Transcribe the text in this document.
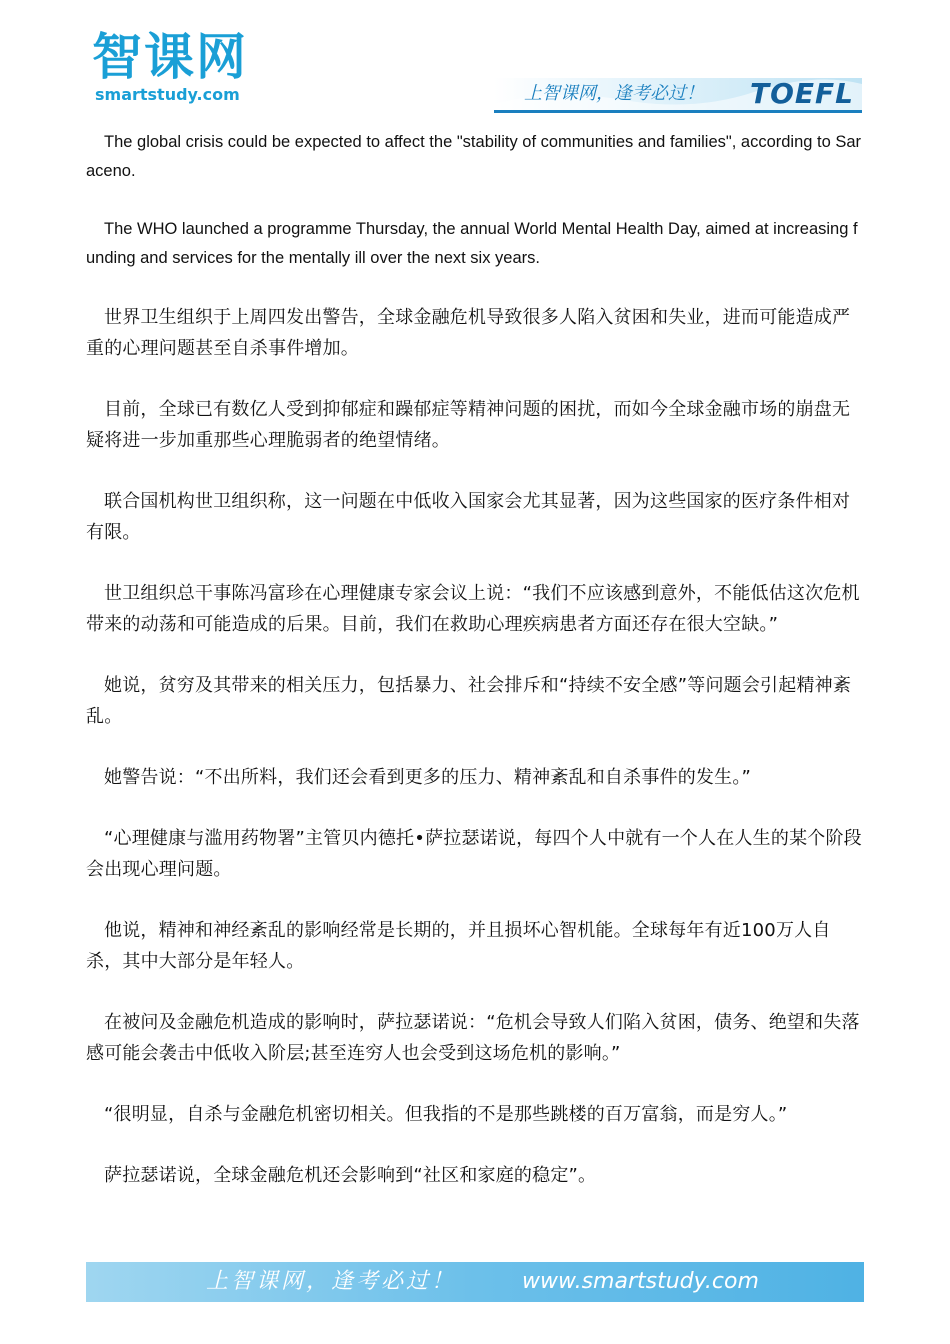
智课网
smartstudy.com	上智课网，逢考必过！ TOEFL

The global crisis could be expected to affect the "stability of communities and families", according to Saraceno.

The WHO launched a programme Thursday, the annual World Mental Health Day, aimed at increasing funding and services for the mentally ill over the next six years.

世界卫生组织于上周四发出警告，全球金融危机导致很多人陷入贫困和失业，进而可能造成严重的心理问题甚至自杀事件增加。

目前，全球已有数亿人受到抑郁症和躁郁症等精神问题的困扰，而如今全球金融市场的崩盘无疑将进一步加重那些心理脆弱者的绝望情绪。

联合国机构世卫组织称，这一问题在中低收入国家会尤其显著，因为这些国家的医疗条件相对有限。

世卫组织总干事陈冯富珍在心理健康专家会议上说：“我们不应该感到意外，不能低估这次危机带来的动荡和可能造成的后果。目前，我们在救助心理疾病患者方面还存在很大空缺。”

她说，贫穷及其带来的相关压力，包括暴力、社会排斥和“持续不安全感”等问题会引起精神紊乱。

她警告说：“不出所料，我们还会看到更多的压力、精神紊乱和自杀事件的发生。”

“心理健康与滥用药物署”主管贝内德托•萨拉瑟诺说，每四个人中就有一个人在人生的某个阶段会出现心理问题。

他说，精神和神经紊乱的影响经常是长期的，并且损坏心智机能。全球每年有近100万人自杀，其中大部分是年轻人。

在被问及金融危机造成的影响时，萨拉瑟诺说：“危机会导致人们陷入贫困，债务、绝望和失落感可能会袭击中低收入阶层;甚至连穷人也会受到这场危机的影响。”

“很明显，自杀与金融危机密切相关。但我指的不是那些跳楼的百万富翁，而是穷人。”

萨拉瑟诺说，全球金融危机还会影响到“社区和家庭的稳定”。

上智课网，逢考必过！	www.smartstudy.com
